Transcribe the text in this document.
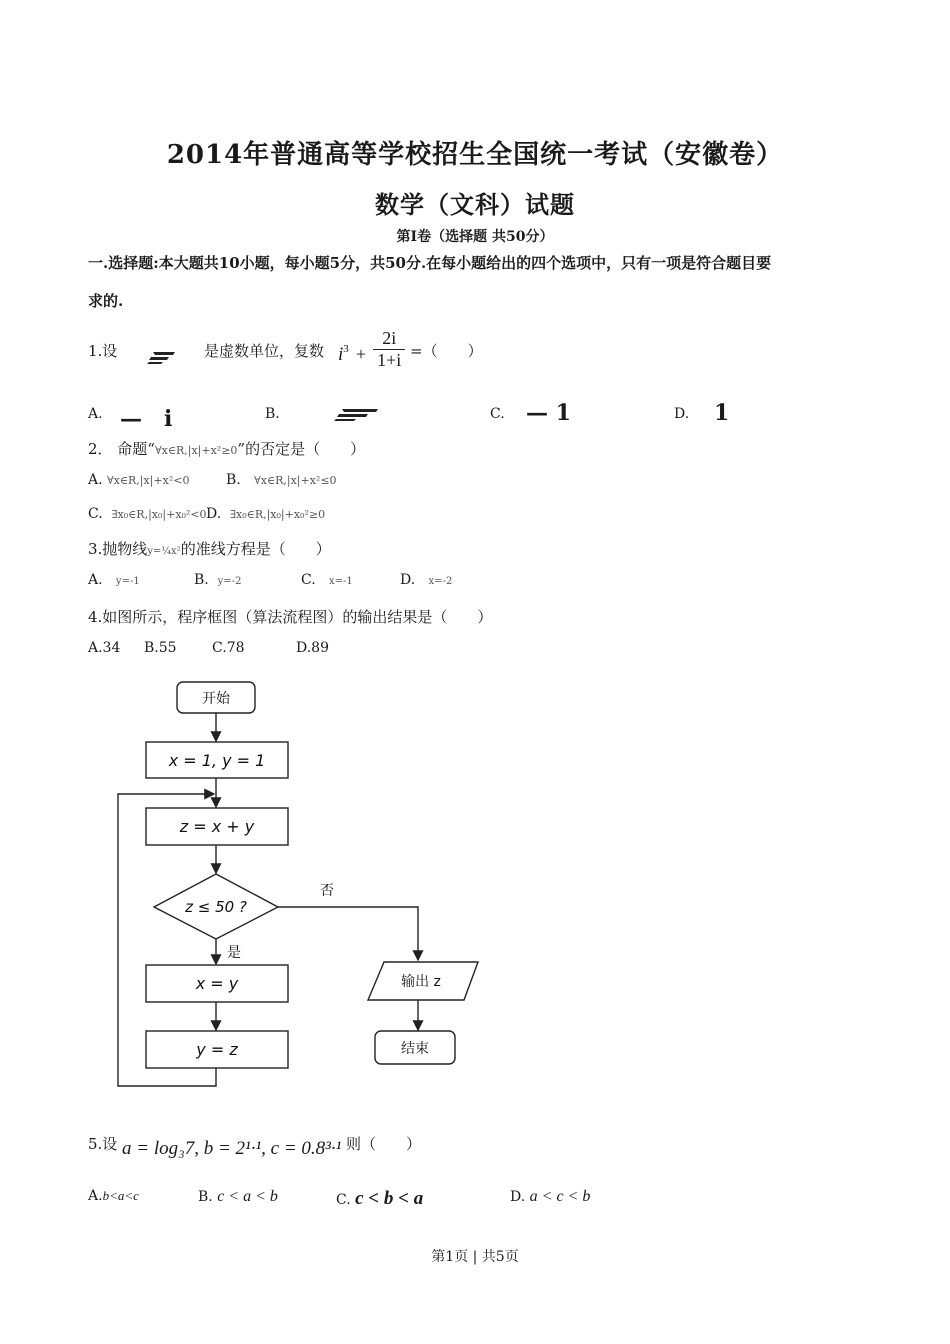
2014年普通高等学校招生全国统一考试（安徽卷）
数学（文科）试题
第Ⅰ卷（选择题 共50分）
一.选择题:本大题共10小题，每小题5分，共50分.在每小题给出的四个选项中，只有一项是符合题目要
求的.
1.设	是虚数单位，复数 $i^3 + \frac{2i}{1+i}$ =（　　）
A. —　i	B.	C. — 1	D. 1
2． 命题“∀x∈R,|x|+x²≥0”的否定是（　　）
A. ∀x∈R,|x|+x²<0	B. ∀x∈R,|x|+x²≤0
C. ∃x₀∈R,|x₀|+x₀²<0 D. ∃x₀∈R,|x₀|+x₀²≥0
3.抛物线y=¼x²的准线方程是（　　）
A. y=-1	B. y=-2	C. x=-1	D. x=-2
4.如图所示，程序框图（算法流程图）的输出结果是（　　）
A.34 B.55	C.78	D.89
开始
x = 1, y = 1
z = x + y
z ≤ 50 ?
是
否
x = y
y = z
输出 z
结束
5.设 a = log₃7, b = 2¹·¹, c = 0.8³·¹ 则（　　）
A.b<a<c	B. c < a < b	C. c < b < a	D. a < c < b
第1页 | 共5页
